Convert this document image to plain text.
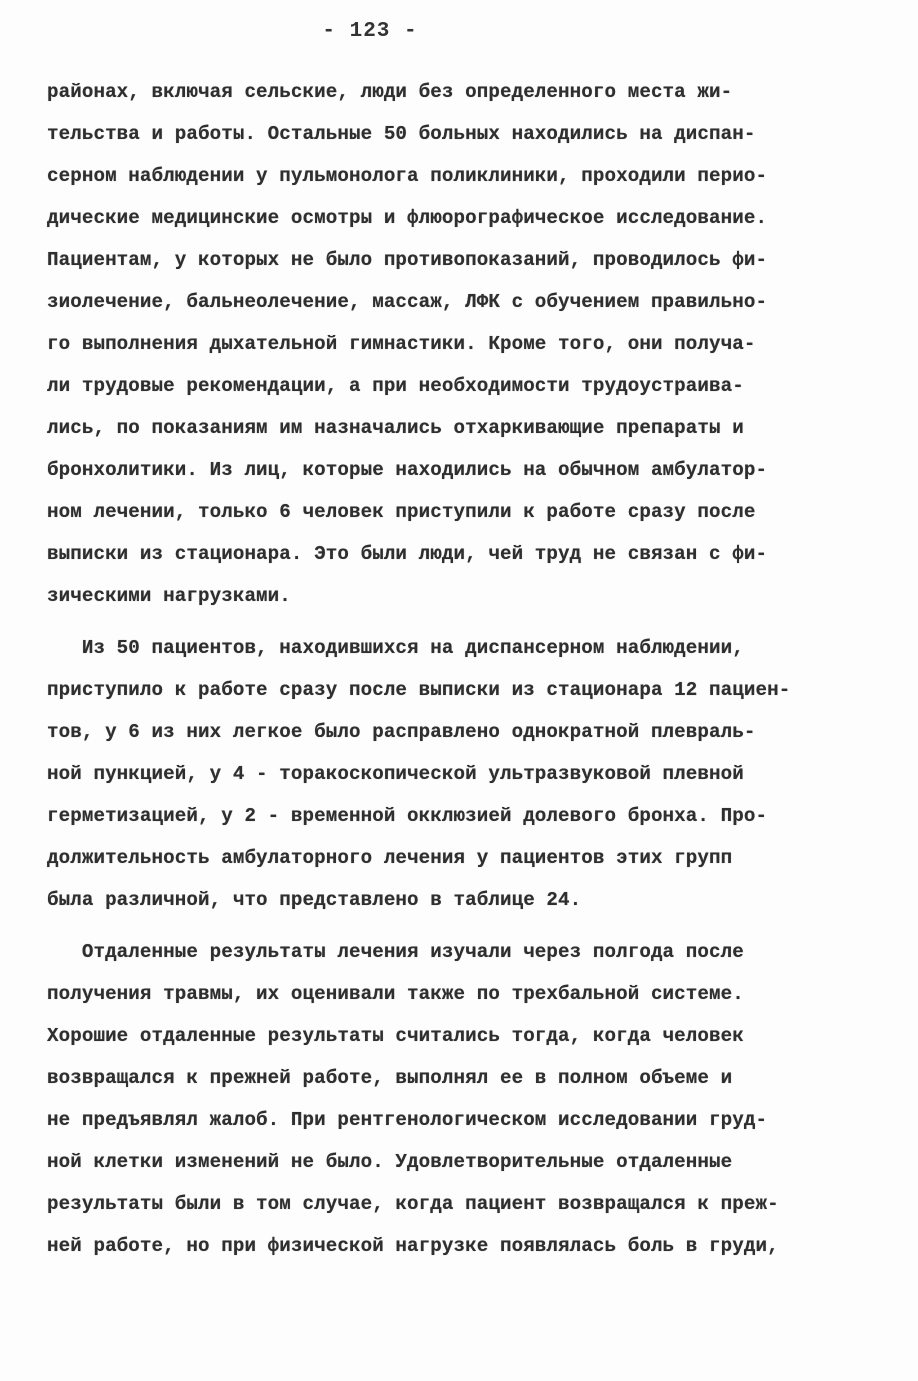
- 123 -
районах, включая сельские, люди без определенного места жи-
тельства и работы. Остальные 50 больных находились на диспан-
серном наблюдении у пульмонолога поликлиники, проходили перио-
дические медицинские осмотры и флюорографическое исследование.
Пациентам, у которых не было противопоказаний, проводилось фи-
зиолечение, бальнеолечение, массаж, ЛФК с обучением правильно-
го выполнения дыхательной гимнастики. Кроме того, они получа-
ли трудовые рекомендации, а при необходимости трудоустраива-
лись, по показаниям им назначались отхаркивающие препараты и
бронхолитики. Из лиц, которые находились на обычном амбулатор-
ном лечении, только 6 человек приступили к работе сразу после
выписки из стационара. Это были люди, чей труд не связан с фи-
зическими нагрузками.
Из 50 пациентов, находившихся на диспансерном наблюдении,
приступило к работе сразу после выписки из стационара 12 пациен-
тов, у 6 из них легкое было расправлено однократной плевраль-
ной пункцией, у 4 - торакоскопической ультразвуковой плевной
герметизацией, у 2 - временной окклюзией долевого бронха. Про-
должительность амбулаторного лечения у пациентов этих групп
была различной, что представлено в таблице 24.
Отдаленные результаты лечения изучали через полгода после
получения травмы, их оценивали также по трехбальной системе.
Хорошие отдаленные результаты считались тогда, когда человек
возвращался к прежней работе, выполнял ее в полном объеме и
не предъявлял жалоб. При рентгенологическом исследовании груд-
ной клетки изменений не было. Удовлетворительные отдаленные
результаты были в том случае, когда пациент возвращался к преж-
ней работе, но при физической нагрузке появлялась боль в груди,
